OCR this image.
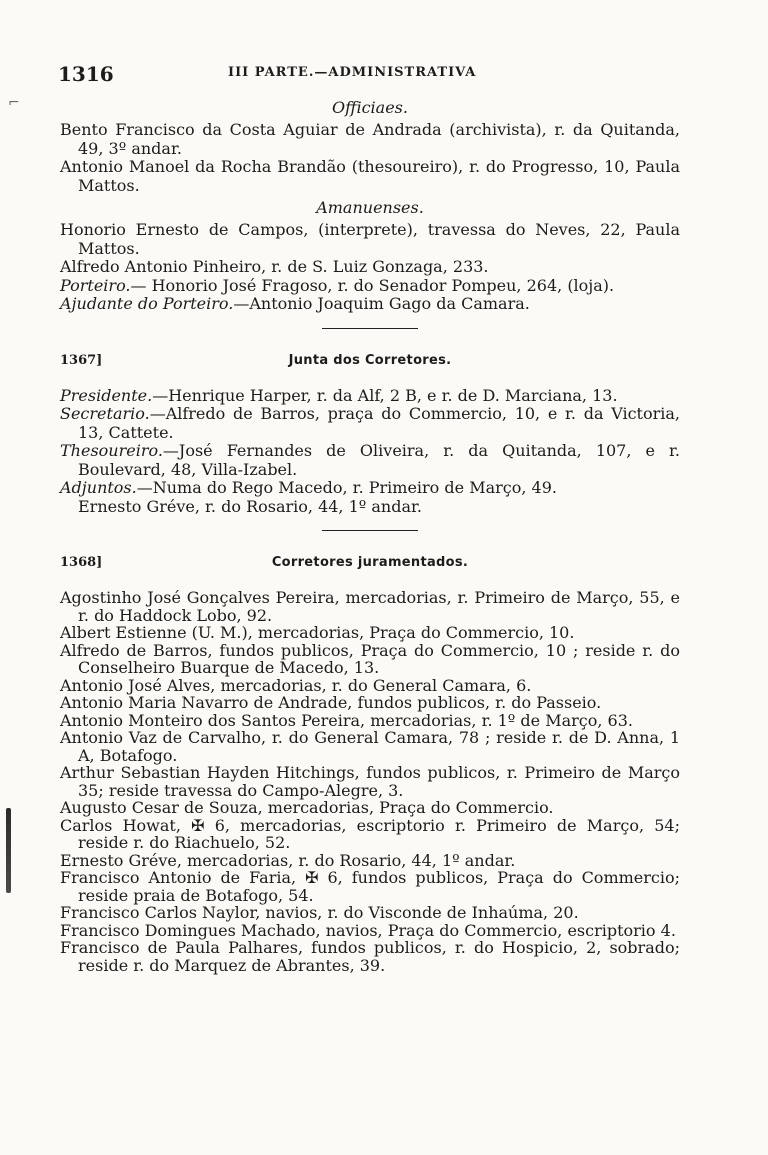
1316	III PARTE.—ADMINISTRATIVA
⌐	Officiaes.

Bento Francisco da Costa Aguiar de Andrada (archivista), r. da Quitanda, 49, 3º andar.

Antonio Manoel da Rocha Brandão (thesoureiro), r. do Progresso, 10, Paula Mattos.

Amanuenses.

Honorio Ernesto de Campos, (interprete), travessa do Neves, 22, Paula Mattos.

Alfredo Antonio Pinheiro, r. de S. Luiz Gonzaga, 233.

Porteiro.— Honorio José Fragoso, r. do Senador Pompeu, 264, (loja).

Ajudante do Porteiro.—Antonio Joaquim Gago da Camara.

1367]	Junta dos Corretores.

Presidente.—Henrique Harper, r. da Alf, 2 B, e r. de D. Marciana, 13.

Secretario.—Alfredo de Barros, praça do Commercio, 10, e r. da Victoria, 13, Cattete.

Thesoureiro.—José Fernandes de Oliveira, r. da Quitanda, 107, e r. Boulevard, 48, Villa-Izabel.

Adjuntos.—Numa do Rego Macedo, r. Primeiro de Março, 49.

Ernesto Gréve, r. do Rosario, 44, 1º andar.

1368]	Corretores juramentados.

Agostinho José Gonçalves Pereira, mercadorias, r. Primeiro de Março, 55, e r. do Haddock Lobo, 92.

Albert Estienne (U. M.), mercadorias, Praça do Commercio, 10.

Alfredo de Barros, fundos publicos, Praça do Commercio, 10 ; reside r. do Conselheiro Buarque de Macedo, 13.

Antonio José Alves, mercadorias, r. do General Camara, 6.

Antonio Maria Navarro de Andrade, fundos publicos, r. do Passeio.

Antonio Monteiro dos Santos Pereira, mercadorias, r. 1º de Março, 63.

Antonio Vaz de Carvalho, r. do General Camara, 78 ; reside r. de D. Anna, 1 A, Botafogo.

Arthur Sebastian Hayden Hitchings, fundos publicos, r. Primeiro de Março 35; reside travessa do Campo-Alegre, 3.

Augusto Cesar de Souza, mercadorias, Praça do Commercio.

Carlos Howat, ✠ 6, mercadorias, escriptorio r. Primeiro de Março, 54; reside r. do Riachuelo, 52.

Ernesto Gréve, mercadorias, r. do Rosario, 44, 1º andar.

Francisco Antonio de Faria, ✠ 6, fundos publicos, Praça do Commercio; reside praia de Botafogo, 54.

Francisco Carlos Naylor, navios, r. do Visconde de Inhaúma, 20.

Francisco Domingues Machado, navios, Praça do Commercio, escriptorio 4.

Francisco de Paula Palhares, fundos publicos, r. do Hospicio, 2, sobrado; reside r. do Marquez de Abrantes, 39.
